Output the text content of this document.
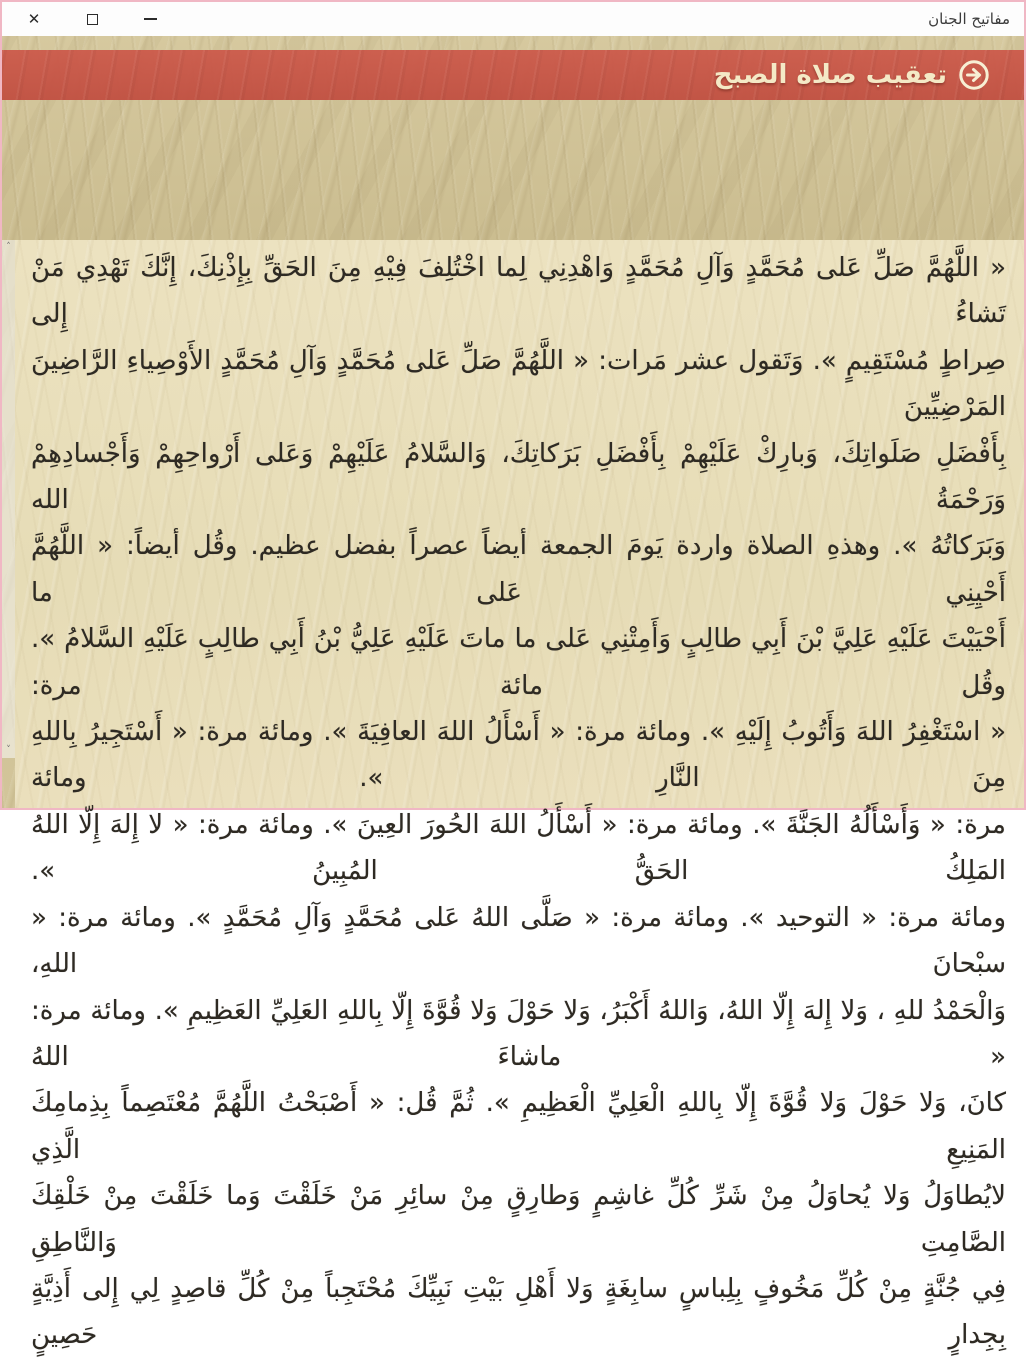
✕	مفاتيح الجنان
تعقيب صلاة الصبح
« اللَّهُمَّ صَلِّ عَلى مُحَمَّدٍ وَآلِ مُحَمَّدٍ وَاهْدِنِي لِما اخْتُلِفَ فِيْهِ مِنَ الحَقِّ بِإِذْنِكَ، إِنَّكَ تَهْدِي مَنْ تَشاءُ إِلى
صِراطٍ مُسْتَقِيمٍ ». وَتَقول عشر مَرات: « اللَّهُمَّ صَلِّ عَلى مُحَمَّدٍ وَآلِ مُحَمَّدٍ الأَوْصِياءِ الرَّاضِينَ المَرْضِيِّينَ
بِأَفْضَلِ صَلَواتِكَ، وَبارِكْ عَلَيْهِمْ بِأَفْضَلِ بَرَكاتِكَ، وَالسَّلامُ عَلَيْهِمْ وَعَلى أَرْواحِهِمْ وَأَجْسادِهِمْ وَرَحْمَةُ الله
وَبَرَكاتُهُ ». وهذهِ الصلاة واردة يَومَ الجمعة أيضاً عصراً بفضل عظيم. وقُل أيضاً: « اللَّهُمَّ أَحْيِنِي عَلى ما
أَحْيَيْتَ عَلَيْهِ عَلِيَّ بْنَ أَبِي طالِبٍ وَأَمِتْنِي عَلى ما ماتَ عَلَيْهِ عَلِيُّ بْنُ أَبِي طالِبٍ عَلَيْهِ السَّلامُ ». وقُل مائة مرة:
« اسْتَغْفِرُ اللهَ وَأَتُوبُ إِلَيْهِ ». ومائة مرة: « أَسْأَلُ اللهَ العافِيَةَ ». ومائة مرة: « أَسْتَجِيرُ بِاللهِ مِنَ النَّارِ ». ومائة
مرة: « وَأَسْأَلُهُ الجَنَّةَ ». ومائة مرة: « أَسْأَلُ اللهَ الحُورَ العِينَ ». ومائة مرة: « لا إِلهَ إِلّا اللهُ المَلِكُ الحَقُّ المُبِينُ ».
ومائة مرة: « التوحيد ». ومائة مرة: « صَلَّى اللهُ عَلى مُحَمَّدٍ وَآلِ مُحَمَّدٍ ». ومائة مرة: « سبْحانَ اللهِ،
وَالْحَمْدُ للهِ ، وَلا إِلهَ إِلّا اللهُ، وَاللهُ أَكْبَرُ، وَلا حَوْلَ وَلا قُوَّةَ إِلّا بِاللهِ العَلِيِّ العَظِيمِ ». ومائة مرة: « ماشاءَ اللهُ
كانَ، وَلا حَوْلَ وَلا قُوَّةَ إِلّا بِاللهِ الْعَلِيِّ الْعَظِيمِ ». ثُمَّ قُل: « أَصْبَحْتُ اللَّهُمَّ مُعْتَصِماً بِذِمامِكَ المَنِيعِ الَّذِي
لايُطاوَلُ وَلا يُحاوَلُ مِنْ شَرِّ كُلِّ غاشِمٍ وَطارِقٍ مِنْ سائِرِ مَنْ خَلَقْتَ وَما خَلَقْتَ مِنْ خَلْقِكَ الصَّامِتِ وَالنَّاطِقِ
فِي جُنَّةٍ مِنْ كُلِّ مَخُوفٍ بِلِباسٍ سابِغَةٍ وَلا أَهْلِ بَيْتِ نَبِيِّكَ مُحْتَجِباً مِنْ كُلِّ قاصِدٍ لِي إِلى أَذِيَّةٍ بِجِدارٍ حَصِينٍ
˄
˅
